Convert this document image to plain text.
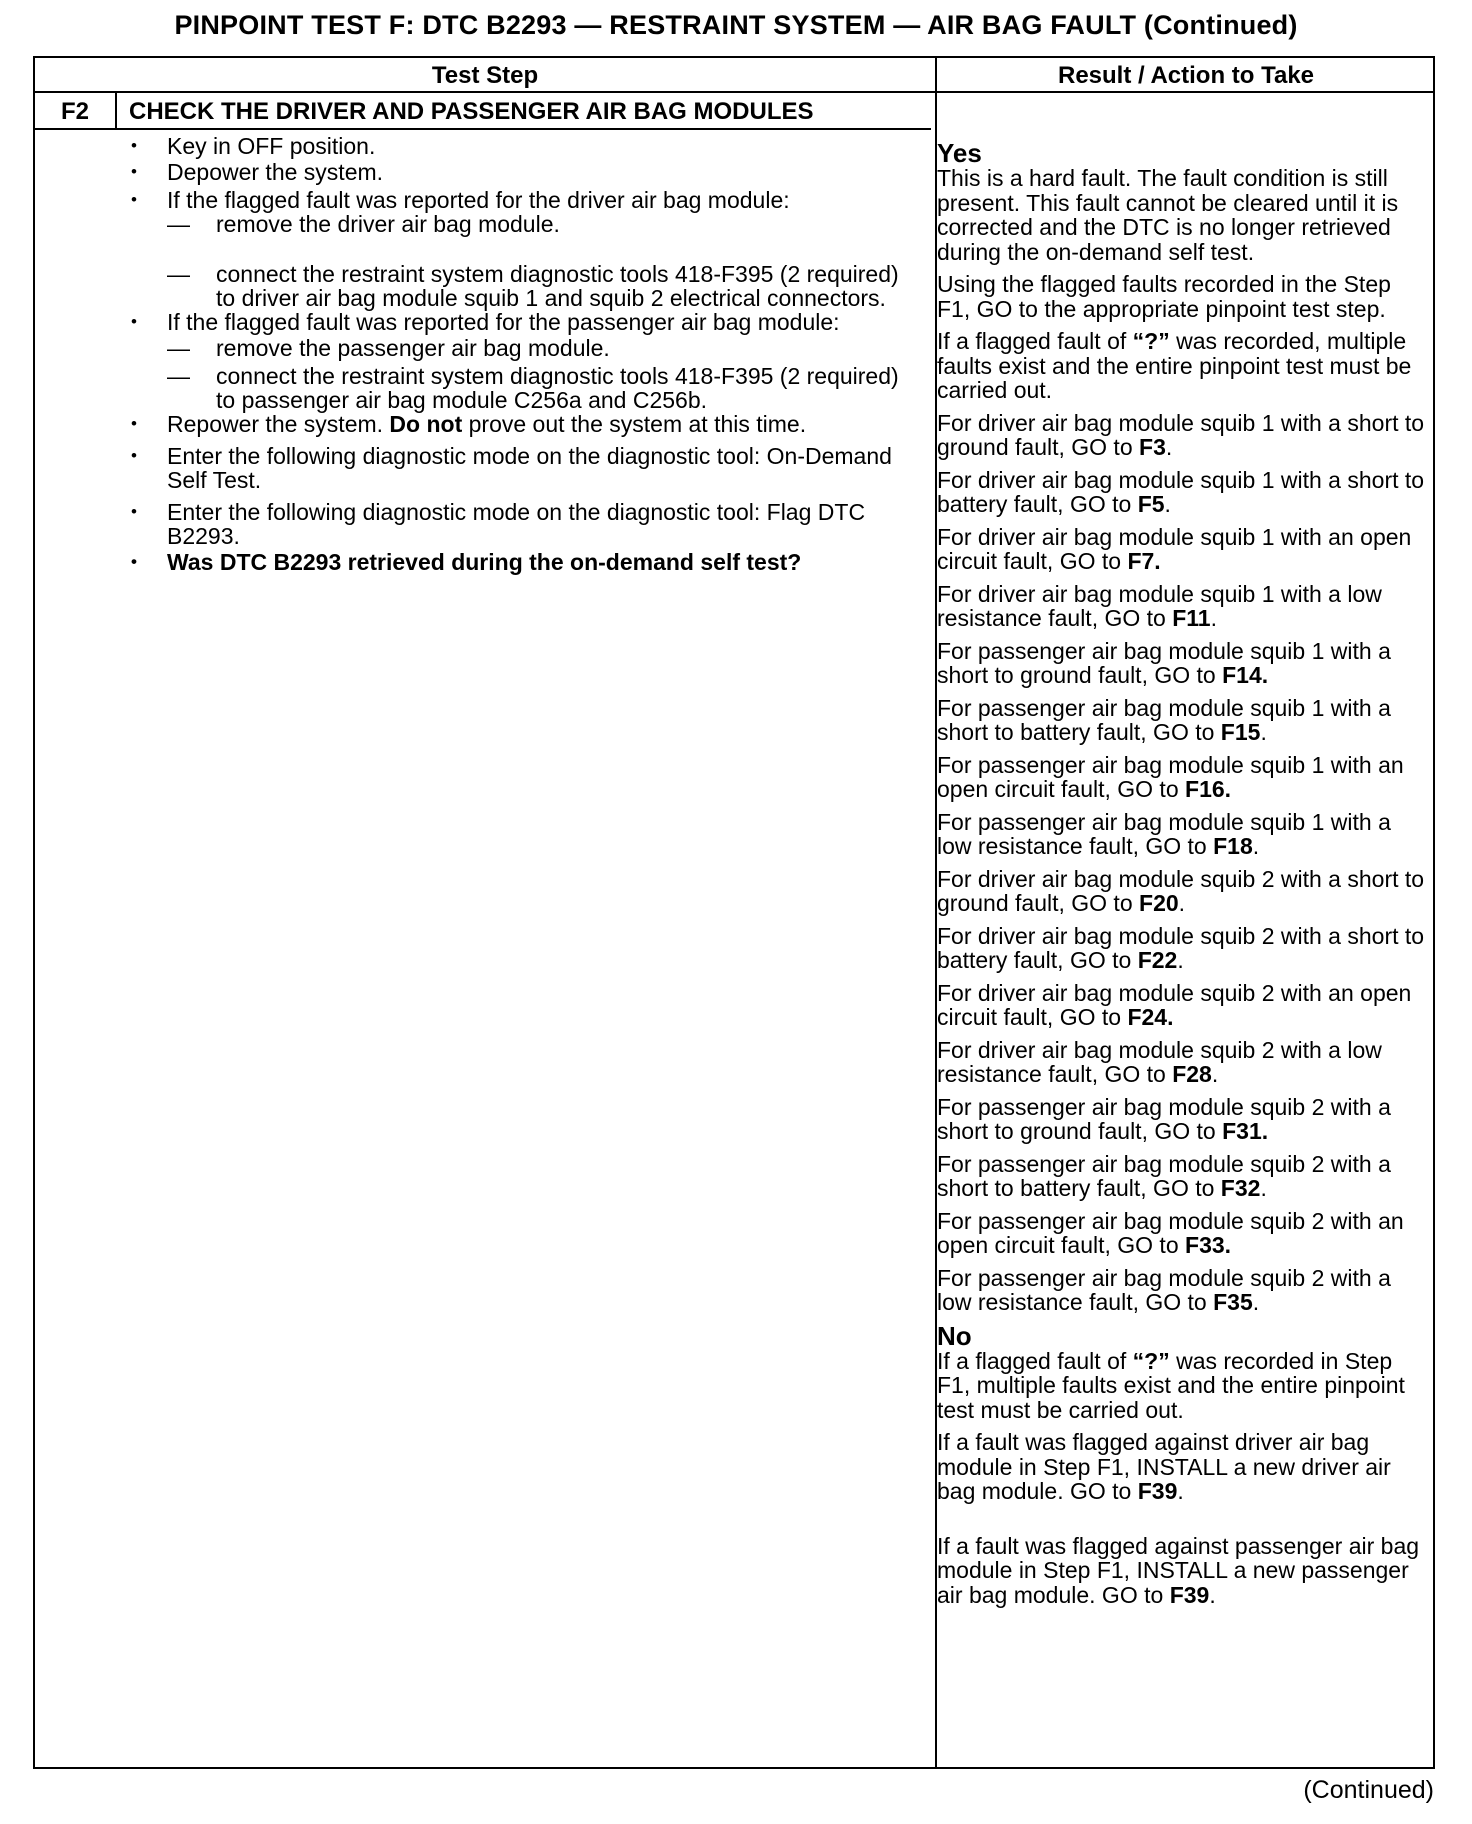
PINPOINT TEST F: DTC B2293 — RESTRAINT SYSTEM — AIR BAG FAULT (Continued)
Test Step	Result / Action to Take
F2	CHECK THE DRIVER AND PASSENGER AIR BAG MODULES
• Key in OFF position.
• Depower the system.
• If the flagged fault was reported for the driver air bag module:
— remove the driver air bag module.
— connect the restraint system diagnostic tools 418-F395 (2 required) to driver air bag module squib 1 and squib 2 electrical connectors.
• If the flagged fault was reported for the passenger air bag module:
— remove the passenger air bag module.
— connect the restraint system diagnostic tools 418-F395 (2 required) to passenger air bag module C256a and C256b.
• Repower the system. Do not prove out the system at this time.
• Enter the following diagnostic mode on the diagnostic tool: On-Demand Self Test.
• Enter the following diagnostic mode on the diagnostic tool: Flag DTC B2293.
• Was DTC B2293 retrieved during the on-demand self test?
Yes

This is a hard fault. The fault condition is still present. This fault cannot be cleared until it is corrected and the DTC is no longer retrieved during the on-demand self test.

Using the flagged faults recorded in the Step F1, GO to the appropriate pinpoint test step.

If a flagged fault of “?” was recorded, multiple faults exist and the entire pinpoint test must be carried out.

For driver air bag module squib 1 with a short to ground fault, GO to F3.

For driver air bag module squib 1 with a short to battery fault, GO to F5.

For driver air bag module squib 1 with an open circuit fault, GO to F7.

For driver air bag module squib 1 with a low resistance fault, GO to F11.

For passenger air bag module squib 1 with a short to ground fault, GO to F14.

For passenger air bag module squib 1 with a short to battery fault, GO to F15.

For passenger air bag module squib 1 with an open circuit fault, GO to F16.

For passenger air bag module squib 1 with a low resistance fault, GO to F18.

For driver air bag module squib 2 with a short to ground fault, GO to F20.

For driver air bag module squib 2 with a short to battery fault, GO to F22.

For driver air bag module squib 2 with an open circuit fault, GO to F24.

For driver air bag module squib 2 with a low resistance fault, GO to F28.

For passenger air bag module squib 2 with a short to ground fault, GO to F31.

For passenger air bag module squib 2 with a short to battery fault, GO to F32.

For passenger air bag module squib 2 with an open circuit fault, GO to F33.

For passenger air bag module squib 2 with a low resistance fault, GO to F35.

No

If a flagged fault of “?” was recorded in Step F1, multiple faults exist and the entire pinpoint test must be carried out.

If a fault was flagged against driver air bag module in Step F1, INSTALL a new driver air bag module. GO to F39.

If a fault was flagged against passenger air bag module in Step F1, INSTALL a new passenger air bag module. GO to F39.

(Continued)
